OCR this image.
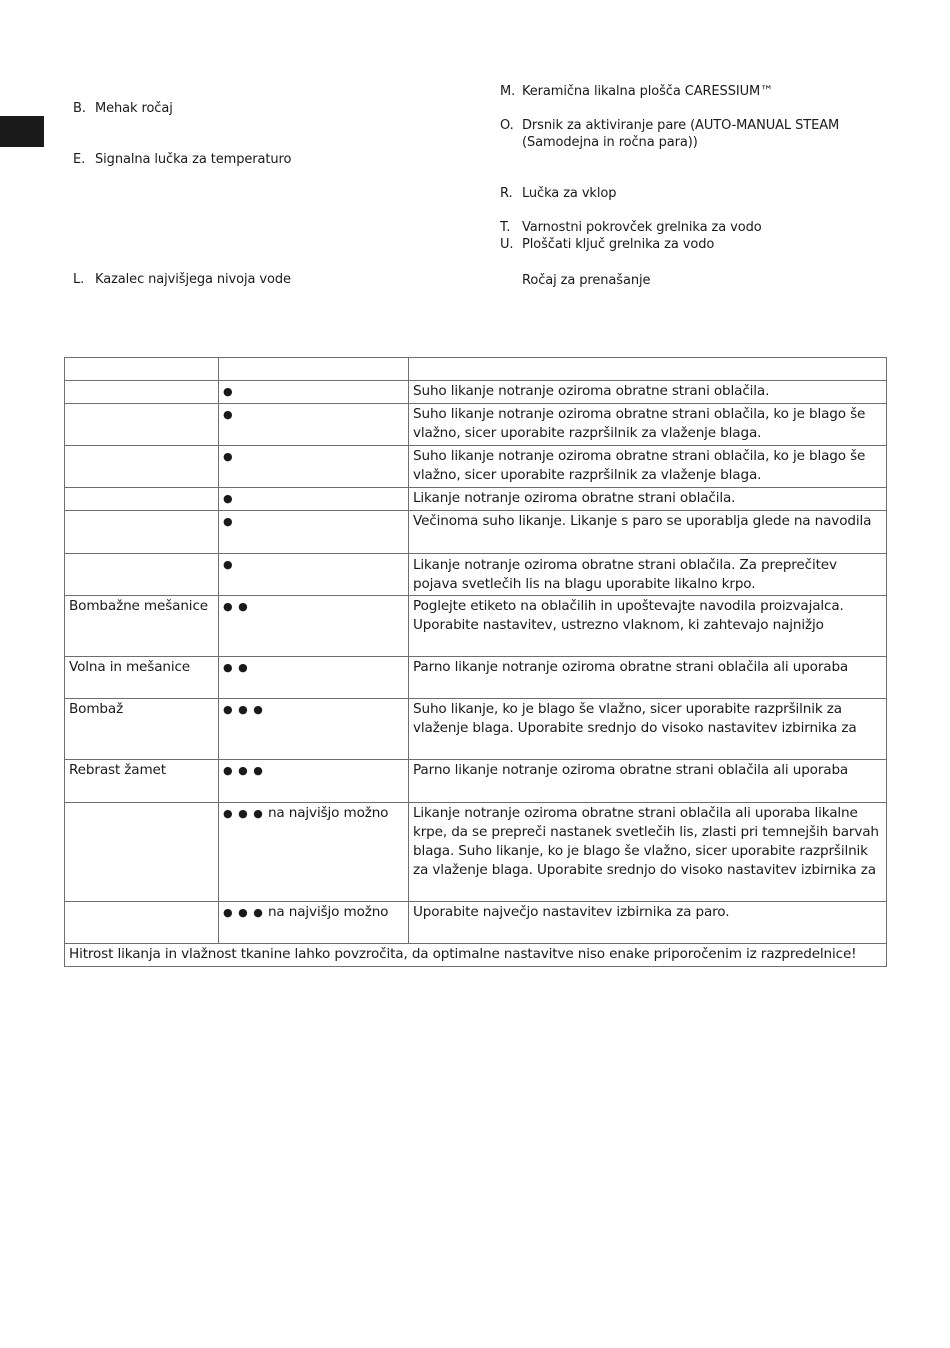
B. Mehak ročaj
E. Signalna lučka za temperaturo
L. Kazalec najvišjega nivoja vode
M. Keramična likalna plošča CARESSIUM™
O. Drsnik za aktiviranje pare (AUTO-MANUAL STEAM
(Samodejna in ročna para))
R. Lučka za vklop
T. Varnostni pokrovček grelnika za vodo
U. Ploščati ključ grelnika za vodo
Ročaj za prenašanje

	●	Suho likanje notranje oziroma obratne strani oblačila.
	●	Suho likanje notranje oziroma obratne strani oblačila, ko je blago še vlažno, sicer uporabite razpršilnik za vlaženje blaga.
	●	Suho likanje notranje oziroma obratne strani oblačila, ko je blago še vlažno, sicer uporabite razpršilnik za vlaženje blaga.
	●	Likanje notranje oziroma obratne strani oblačila.
	●	Večinoma suho likanje. Likanje s paro se uporablja glede na navodila
	●	Likanje notranje oziroma obratne strani oblačila. Za preprečitev pojava svetlečih lis na blagu uporabite likalno krpo.
Bombažne mešanice	● ●	Poglejte etiketo na oblačilih in upoštevajte navodila proizvajalca. Uporabite nastavitev, ustrezno vlaknom, ki zahtevajo najnižjo
Volna in mešanice	● ●	Parno likanje notranje oziroma obratne strani oblačila ali uporaba
Bombaž	● ● ●	Suho likanje, ko je blago še vlažno, sicer uporabite razpršilnik za vlaženje blaga. Uporabite srednjo do visoko nastavitev izbirnika za
Rebrast žamet	● ● ●	Parno likanje notranje oziroma obratne strani oblačila ali uporaba
	● ● ● na najvišjo možno	Likanje notranje oziroma obratne strani oblačila ali uporaba likalne krpe, da se prepreči nastanek svetlečih lis, zlasti pri temnejših barvah blaga. Suho likanje, ko je blago še vlažno, sicer uporabite razpršilnik za vlaženje blaga. Uporabite srednjo do visoko nastavitev izbirnika za
	● ● ● na najvišjo možno	Uporabite največjo nastavitev izbirnika za paro.
Hitrost likanja in vlažnost tkanine lahko povzročita, da optimalne nastavitve niso enake priporočenim iz razpredelnice!		
